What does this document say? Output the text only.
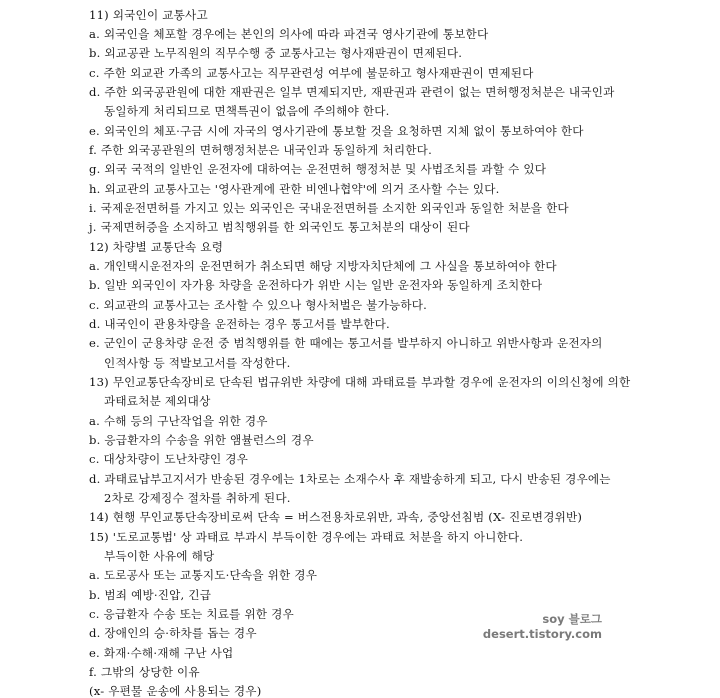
11) 외국인이 교통사고
a. 외국인을 체포할 경우에는 본인의 의사에 따라 파견국 영사기관에 통보한다
b. 외교공관 노무직원의 직무수행 중 교통사고는 형사재판권이 면제된다.
c. 주한 외교관 가족의 교통사고는 직무관련성 여부에 불문하고 형사재판권이 면제된다
d. 주한 외국공관원에 대한 재판권은 일부 면제되지만, 재판권과 관련이 없는 면허행정처분은 내국인과
동일하게 처리되므로 면책특권이 없음에 주의해야 한다.
e. 외국인의 체포·구금 시에 자국의 영사기관에 통보할 것을 요청하면 지체 없이 통보하여야 한다
f. 주한 외국공관원의 면허행정처분은 내국인과 동일하게 처리한다.
g. 외국 국적의 일반인 운전자에 대하여는 운전면허 행정처분 및 사법조치를 과할 수 있다
h. 외교관의 교통사고는 '영사관계에 관한 비엔나협약'에 의거 조사할 수는 있다.
i. 국제운전면허를 가지고 있는 외국인은 국내운전면허를 소지한 외국인과 동일한 처분을 한다
j. 국제면허증을 소지하고 범칙행위를 한 외국인도 통고처분의 대상이 된다
12) 차량별 교통단속 요령
a. 개인택시운전자의 운전면허가 취소되면 해당 지방자치단체에 그 사실을 통보하여야 한다
b. 일반 외국인이 자가용 차량을 운전하다가 위반 시는 일반 운전자와 동일하게 조치한다
c. 외교관의 교통사고는 조사할 수 있으나 형사처벌은 불가능하다.
d. 내국인이 관용차량을 운전하는 경우 통고서를 발부한다.
e. 군인이 군용차량 운전 중 범칙행위를 한 때에는 통고서를 발부하지 아니하고 위반사항과 운전자의
인적사항 등 적발보고서를 작성한다.
13) 무인교통단속장비로 단속된 법규위반 차량에 대해 과태료를 부과할 경우에 운전자의 이의신청에 의한
과태료처분 제외대상
a. 수해 등의 구난작업을 위한 경우
b. 응급환자의 수송을 위한 앰뷸런스의 경우
c. 대상차량이 도난차량인 경우
d. 과태료납부고지서가 반송된 경우에는 1차로는 소재수사 후 재발송하게 되고, 다시 반송된 경우에는
2차로 강제징수 절차를 취하게 된다.
14) 현행 무인교통단속장비로써 단속 = 버스전용차로위반, 과속, 중앙선침범 (X- 진로변경위반)
15) '도로교통법' 상 과태료 부과시 부득이한 경우에는 과태료 처분을 하지 아니한다.
부득이한 사유에 해당
a. 도로공사 또는 교통지도·단속을 위한 경우
b. 범죄 예방·진압, 긴급
c. 응급환자 수송 또는 치료를 위한 경우
d. 장애인의 승·하차를 돕는 경우
e. 화재·수해·재해 구난 사업
f. 그밖의 상당한 이유
(x- 우편물 운송에 사용되는 경우)
soy 블로그
desert.tistory.com
